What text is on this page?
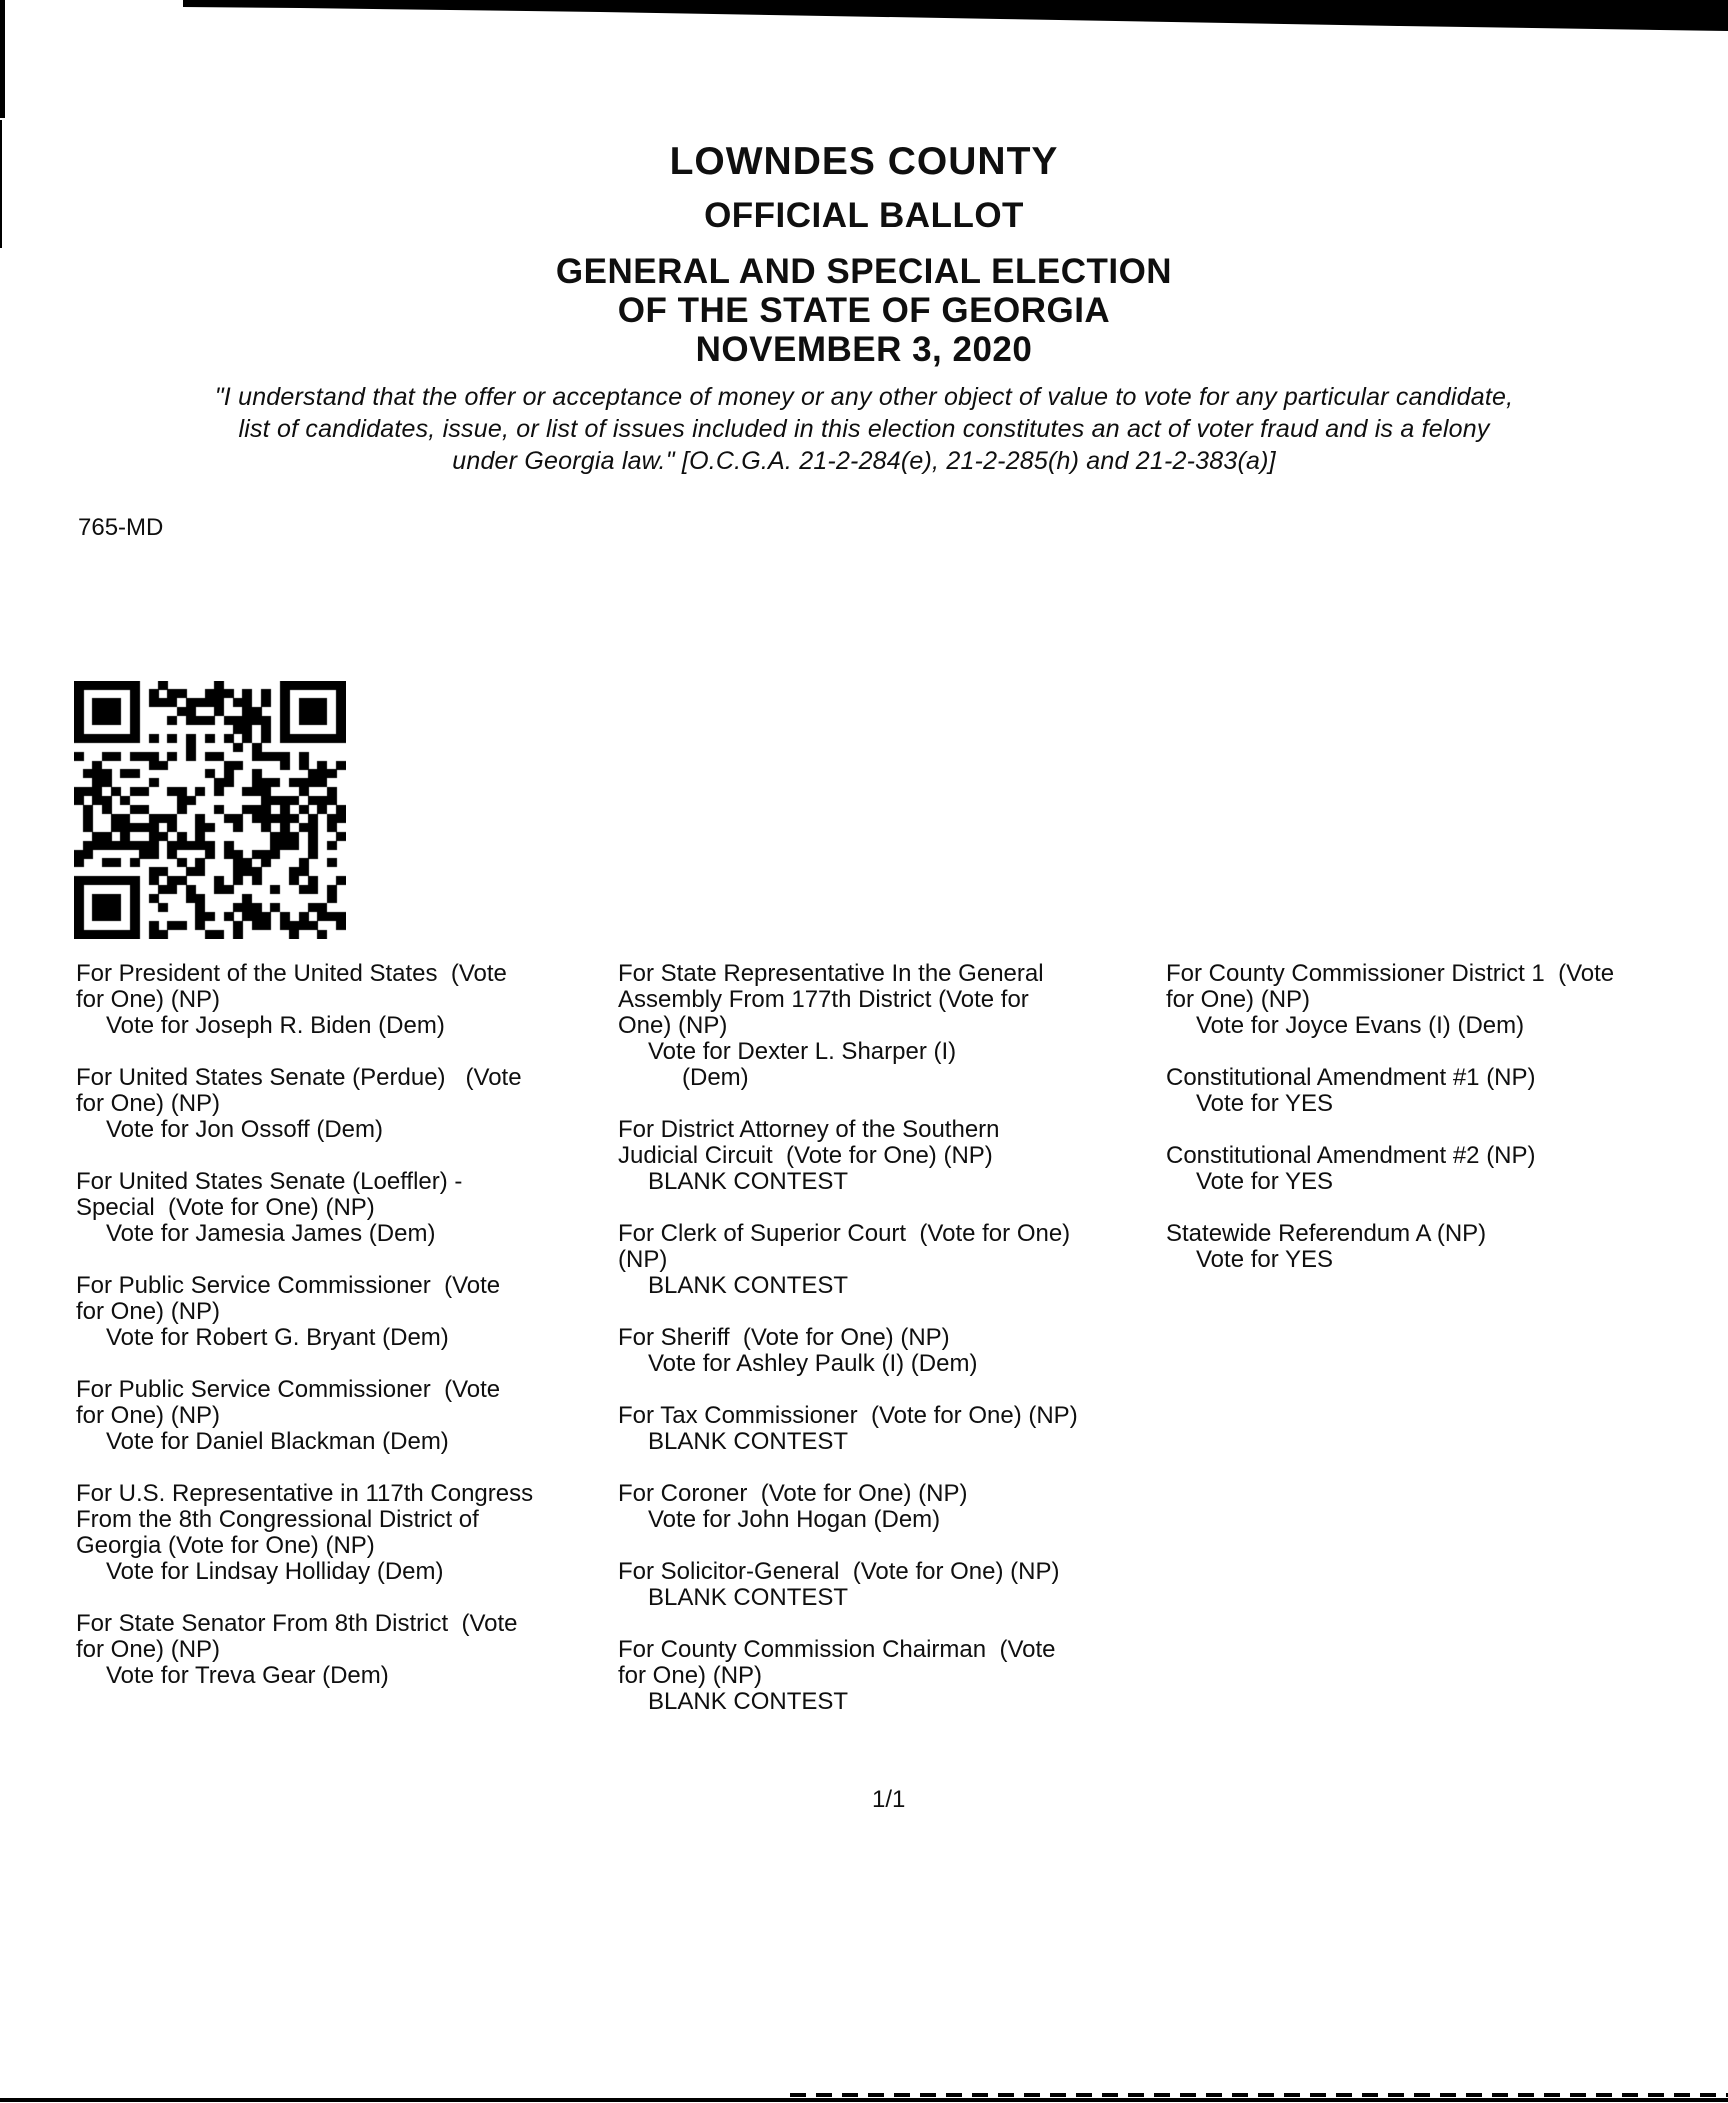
LOWNDES COUNTY
OFFICIAL BALLOT
GENERAL AND SPECIAL ELECTION
OF THE STATE OF GEORGIA
NOVEMBER 3, 2020
"I understand that the offer or acceptance of money or any other object of value to vote for any particular candidate,
list of candidates, issue, or list of issues included in this election constitutes an act of voter fraud and is a felony
under Georgia law." [O.C.G.A. 21-2-284(e), 21-2-285(h) and 21-2-383(a)]
765-MD
For President of the United States  (Vote
for One) (NP)
Vote for Joseph R. Biden (Dem)
For United States Senate (Perdue)   (Vote
for One) (NP)
Vote for Jon Ossoff (Dem)
For United States Senate (Loeffler) -
Special  (Vote for One) (NP)
Vote for Jamesia James (Dem)
For Public Service Commissioner  (Vote
for One) (NP)
Vote for Robert G. Bryant (Dem)
For Public Service Commissioner  (Vote
for One) (NP)
Vote for Daniel Blackman (Dem)
For U.S. Representative in 117th Congress
From the 8th Congressional District of
Georgia (Vote for One) (NP)
Vote for Lindsay Holliday (Dem)
For State Senator From 8th District  (Vote
for One) (NP)
Vote for Treva Gear (Dem)
For State Representative In the General
Assembly From 177th District (Vote for
One) (NP)
Vote for Dexter L. Sharper (I)
(Dem)
For District Attorney of the Southern
Judicial Circuit  (Vote for One) (NP)
BLANK CONTEST
For Clerk of Superior Court  (Vote for One)
(NP)
BLANK CONTEST
For Sheriff  (Vote for One) (NP)
Vote for Ashley Paulk (I) (Dem)
For Tax Commissioner  (Vote for One) (NP)
BLANK CONTEST
For Coroner  (Vote for One) (NP)
Vote for John Hogan (Dem)
For Solicitor-General  (Vote for One) (NP)
BLANK CONTEST
For County Commission Chairman  (Vote
for One) (NP)
BLANK CONTEST
For County Commissioner District 1  (Vote
for One) (NP)
Vote for Joyce Evans (I) (Dem)
Constitutional Amendment #1 (NP)
Vote for YES
Constitutional Amendment #2 (NP)
Vote for YES
Statewide Referendum A (NP)
Vote for YES
1/1
